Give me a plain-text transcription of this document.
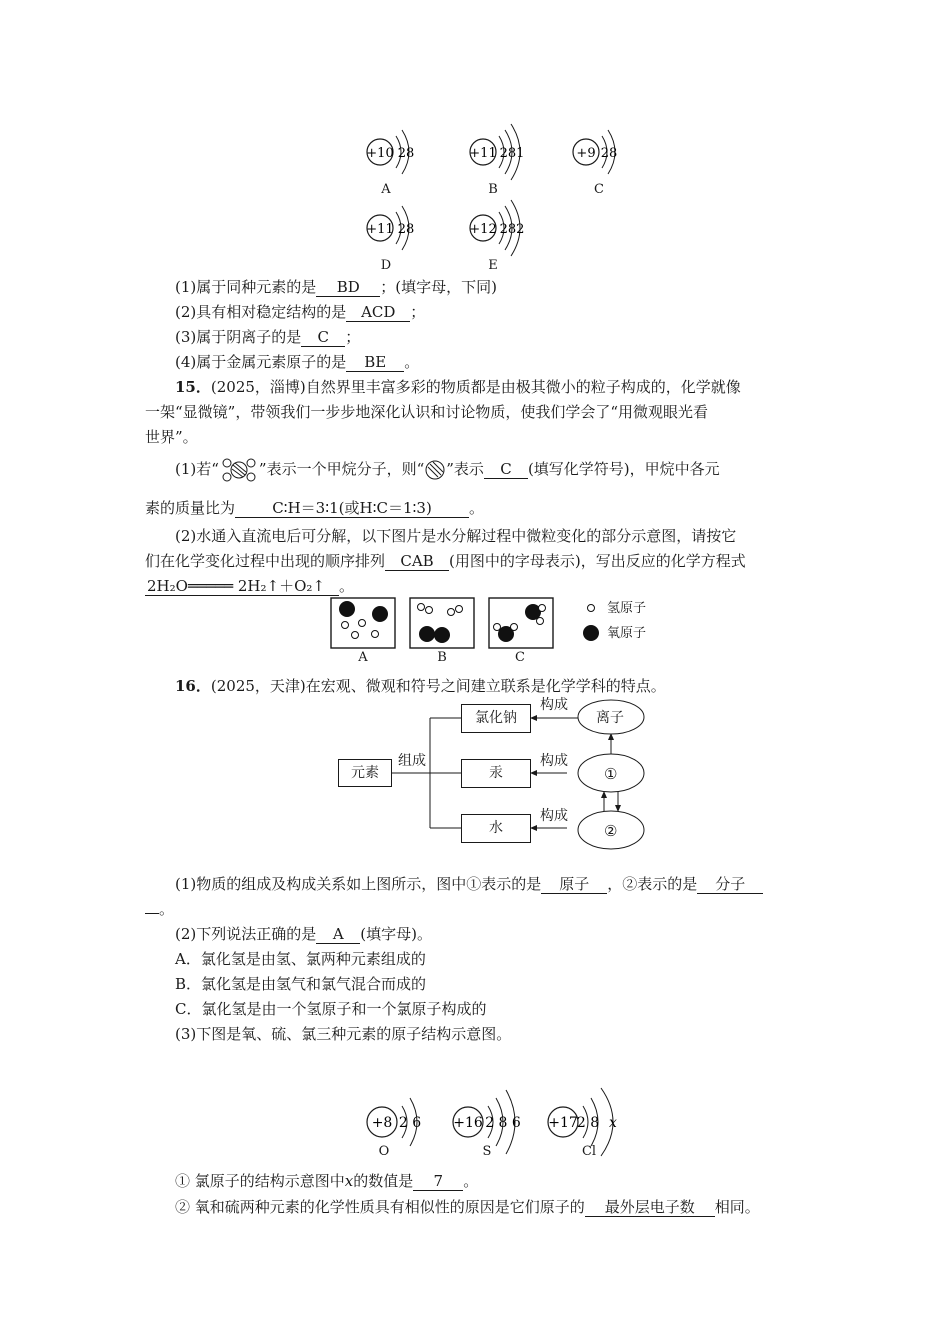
+10 28	+11 281	+9 28
+11 28	+12 282
A	B	C
D	E
(1)属于同种元素的是 BD ；(填字母，下同)
(2)具有相对稳定结构的是 ACD ；
(3)属于阴离子的是 C ；
(4)属于金属元素原子的是 BE 。
15．(2025，淄博)自然界里丰富多彩的物质都是由极其微小的粒子构成的，化学就像
一架“显微镜”，带领我们一步步地深化认识和讨论物质，使我们学会了“用微观眼光看
世界”。
(1)若“	”表示一个甲烷分子，则“ ”表示 C (填写化学符号)，甲烷中各元
素的质量比为 C∶H＝3∶1(或H∶C＝1∶3) 。
(2)水通入直流电后可分解，以下图片是水分解过程中微粒变化的部分示意图，请按它
们在化学变化过程中出现的顺序排列 CAB (用图中的字母表示)，写出反应的化学方程式
2H₂O═════ 2H₂↑＋O₂↑ 。
氢原子
氧原子
A	B	C
16．(2025，天津)在宏观、微观和符号之间建立联系是化学学科的特点。
元素
氯化钠
汞
水
组成
构成
构成
构成
离子
①
②
(1)物质的组成及构成关系如上图所示，图中①表示的是 原子 ，②表示的是 分子
。
(2)下列说法正确的是 A (填字母)。
A．氯化氢是由氢、氯两种元素组成的
B．氯化氢是由氢气和氯气混合而成的
C．氯化氢是由一个氢原子和一个氯原子构成的
(3)下图是氧、硫、氯三种元素的原子结构示意图。
+8 2 6 +16 2 8 6 +17 2 8 x
O	S	Cl
① 氯原子的结构示意图中x的数值是 7 。
② 氧和硫两种元素的化学性质具有相似性的原因是它们原子的 最外层电子数 相同。
